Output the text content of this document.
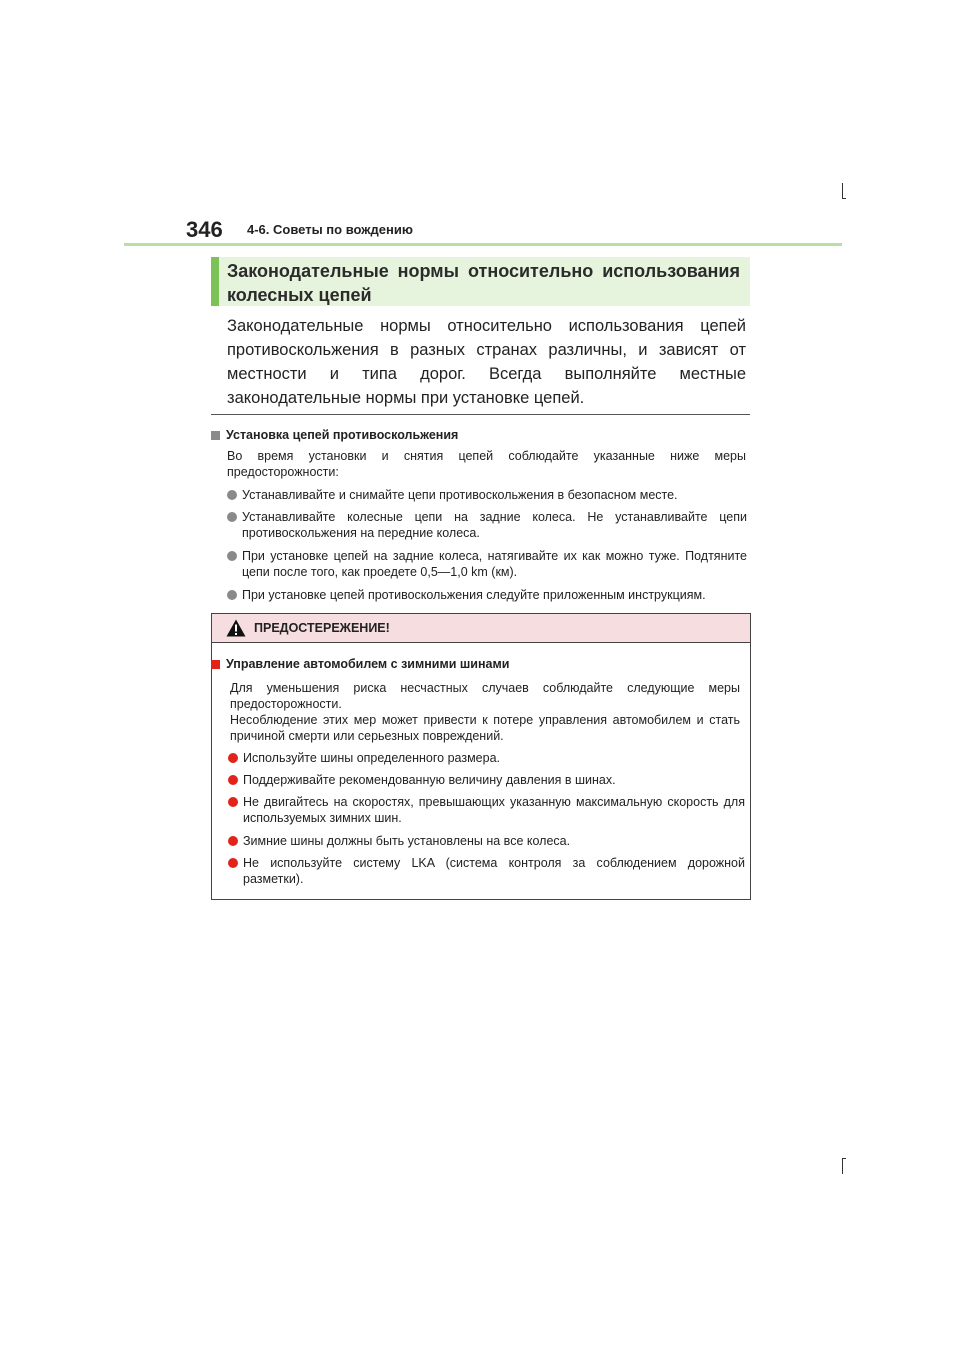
346 4-6. Советы по вождению
Законодательные нормы относительно использования колесных цепей
Законодательные нормы относительно использования цепей противоскольжения в разных странах различны, и зависят от местности и типа дорог. Всегда выполняйте местные законодательные нормы при установке цепей.
Установка цепей противоскольжения
Во время установки и снятия цепей соблюдайте указанные ниже меры предосторожности:
Устанавливайте и снимайте цепи противоскольжения в безопасном месте.
Устанавливайте колесные цепи на задние колеса. Не устанавливайте цепи противоскольжения на передние колеса.
При установке цепей на задние колеса, натягивайте их как можно туже. Подтяните цепи после того, как проедете 0,5—1,0 km (км).
При установке цепей противоскольжения следуйте приложенным инструкциям.
ПРЕДОСТЕРЕЖЕНИЕ!
Управление автомобилем с зимними шинами
Для уменьшения риска несчастных случаев соблюдайте следующие меры предосторожности.
Несоблюдение этих мер может привести к потере управления автомобилем и стать причиной смерти или серьезных повреждений.
Используйте шины определенного размера.
Поддерживайте рекомендованную величину давления в шинах.
Не двигайтесь на скоростях, превышающих указанную максимальную скорость для используемых зимних шин.
Зимние шины должны быть установлены на все колеса.
Не используйте систему LKA (система контроля за соблюдением дорожной разметки).
